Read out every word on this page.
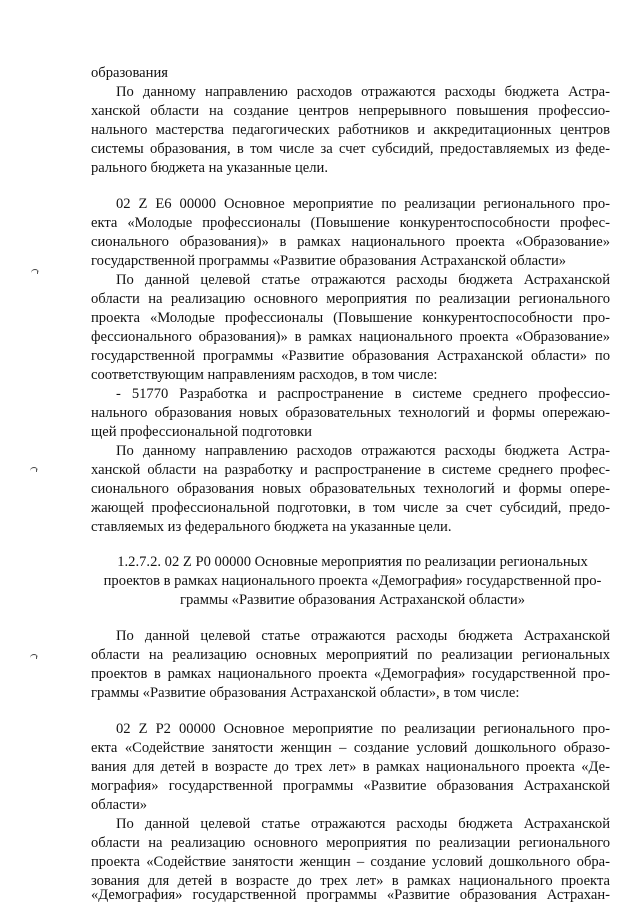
образования
По данному направлению расходов отражаются расходы бюджета Астра-
ханской области на создание центров непрерывного повышения профессио-
нального мастерства педагогических работников и аккредитационных центров
системы образования, в том числе за счет субсидий, предоставляемых из феде-
рального бюджета на указанные цели.
02 Z E6 00000 Основное мероприятие по реализации регионального про-
екта «Молодые профессионалы (Повышение конкурентоспособности профес-
сионального образования)» в рамках национального проекта «Образование»
государственной программы «Развитие образования Астраханской области»
По данной целевой статье отражаются расходы бюджета Астраханской
области на реализацию основного мероприятия по реализации регионального
проекта «Молодые профессионалы (Повышение конкурентоспособности про-
фессионального образования)» в рамках национального проекта «Образование»
государственной программы «Развитие образования Астраханской области» по
соответствующим направлениям расходов, в том числе:
- 51770 Разработка и распространение в системе среднего профессио-
нального образования новых образовательных технологий и формы опережаю-
щей профессиональной подготовки
По данному направлению расходов отражаются расходы бюджета Астра-
ханской области на разработку и распространение в системе среднего профес-
сионального образования новых образовательных технологий и формы опере-
жающей профессиональной подготовки, в том числе за счет субсидий, предо-
ставляемых из федерального бюджета на указанные цели.
1.2.7.2. 02 Z P0 00000 Основные мероприятия по реализации региональных
проектов в рамках национального проекта «Демография» государственной про-
граммы «Развитие образования Астраханской области»
По данной целевой статье отражаются расходы бюджета Астраханской
области на реализацию основных мероприятий по реализации региональных
проектов в рамках национального проекта «Демография» государственной про-
граммы «Развитие образования Астраханской области», в том числе:
02 Z P2 00000 Основное мероприятие по реализации регионального про-
екта «Содействие занятости женщин – создание условий дошкольного образо-
вания для детей в возрасте до трех лет» в рамках национального проекта «Де-
мография» государственной программы «Развитие образования Астраханской
области»
По данной целевой статье отражаются расходы бюджета Астраханской
области на реализацию основного мероприятия по реализации регионального
проекта «Содействие занятости женщин – создание условий дошкольного обра-
зования для детей в возрасте до трех лет» в рамках национального проекта
«Демография» государственной программы «Развитие образования Астрахан-
